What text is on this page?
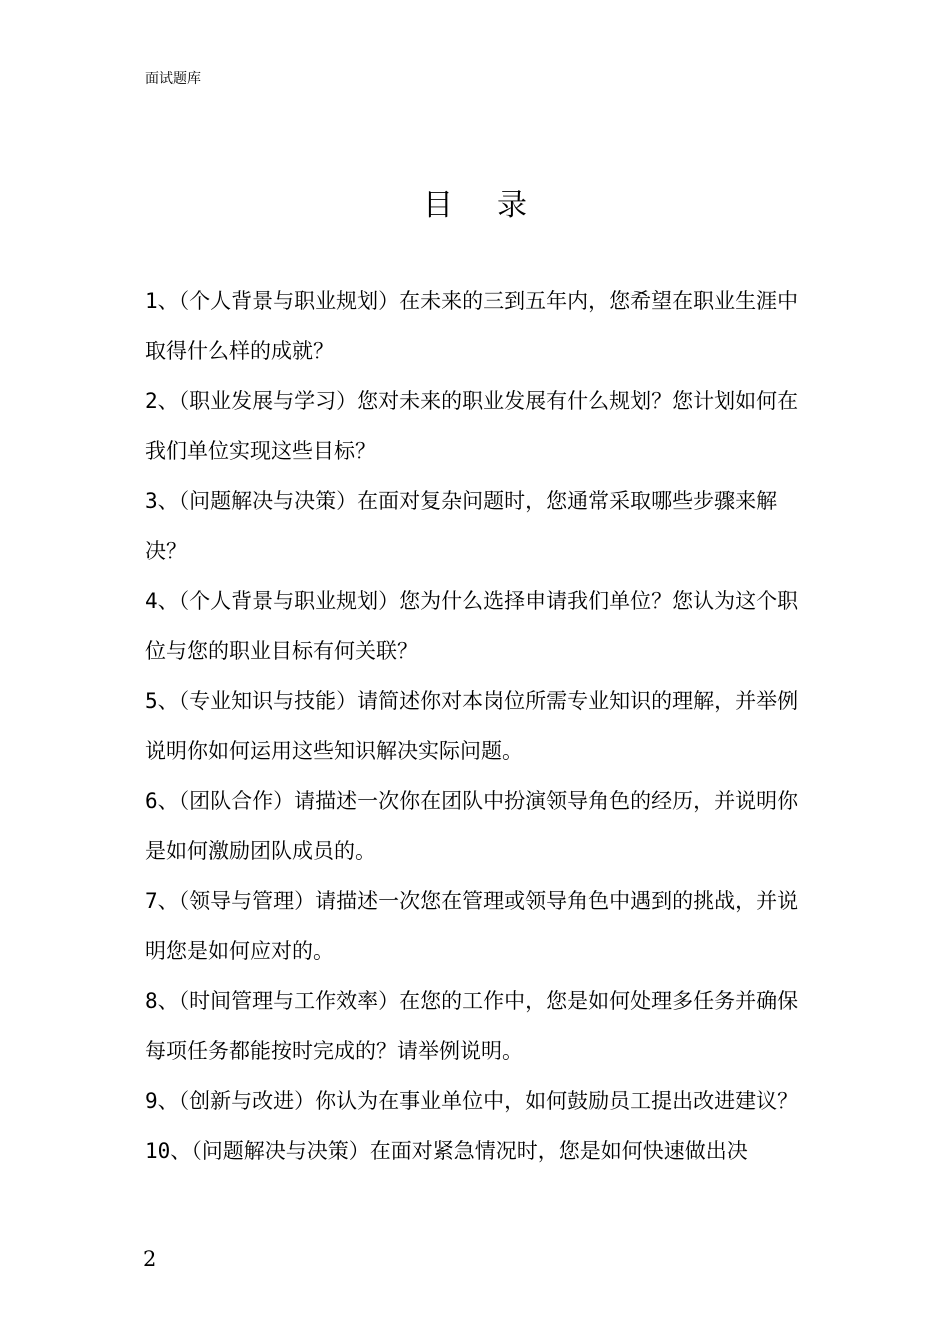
面试题库
目录

1、（个人背景与职业规划）在未来的三到五年内，您希望在职业生涯中取得什么样的成就？

2、（职业发展与学习）您对未来的职业发展有什么规划？您计划如何在我们单位实现这些目标？

3、（问题解决与决策）在面对复杂问题时，您通常采取哪些步骤来解决？

4、（个人背景与职业规划）您为什么选择申请我们单位？您认为这个职位与您的职业目标有何关联？

5、（专业知识与技能）请简述你对本岗位所需专业知识的理解，并举例说明你如何运用这些知识解决实际问题。

6、（团队合作）请描述一次你在团队中扮演领导角色的经历，并说明你是如何激励团队成员的。

7、（领导与管理）请描述一次您在管理或领导角色中遇到的挑战，并说明您是如何应对的。

8、（时间管理与工作效率）在您的工作中，您是如何处理多任务并确保每项任务都能按时完成的？请举例说明。

9、（创新与改进）你认为在事业单位中，如何鼓励员工提出改进建议？

10、（问题解决与决策）在面对紧急情况时，您是如何快速做出决

2
